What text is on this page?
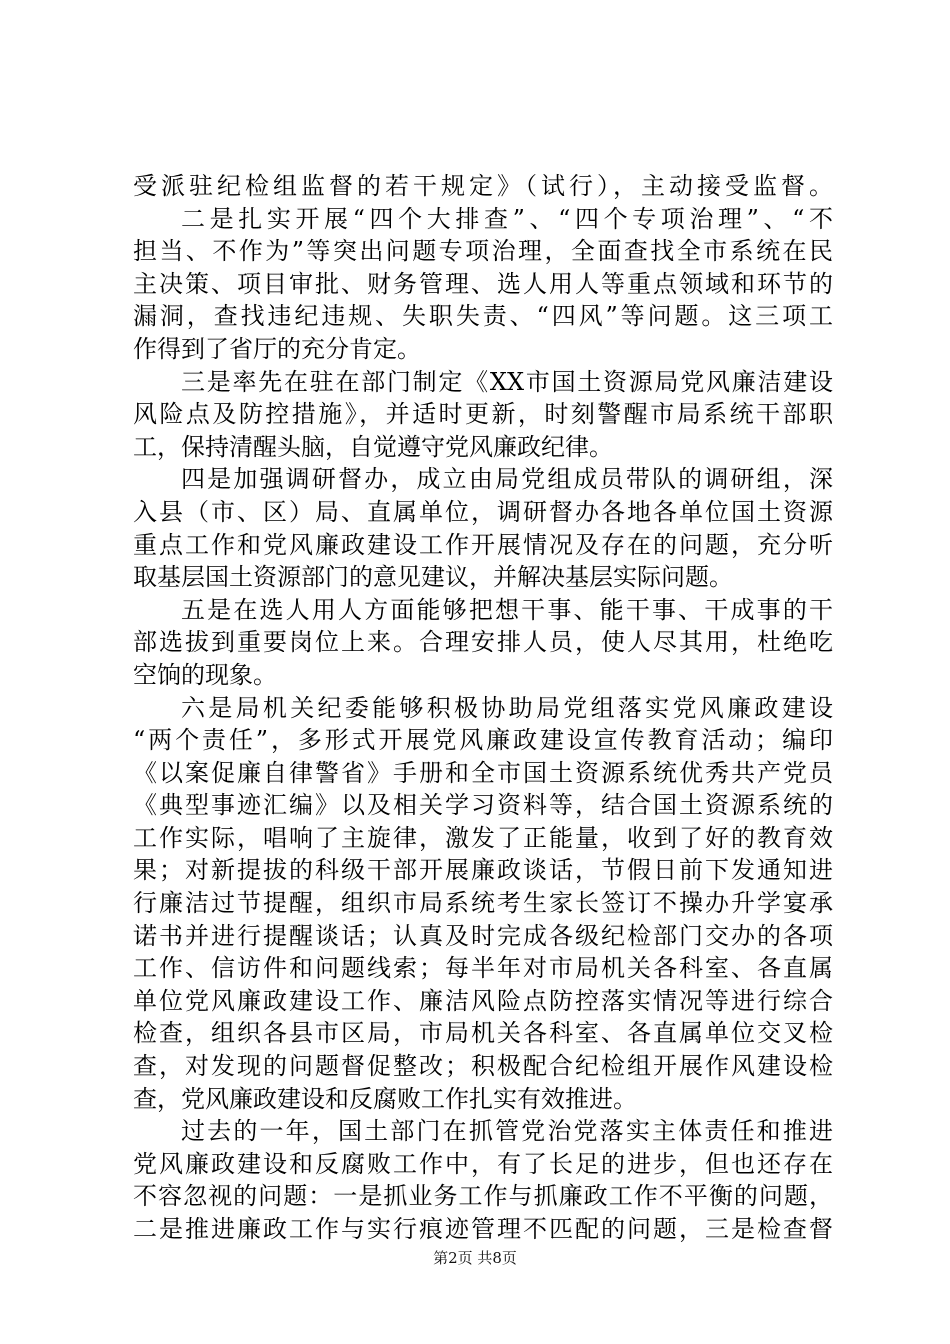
受派驻纪检组监督的若干规定》（试行），主动接受监督。
二是扎实开展“四个大排查”、“四个专项治理”、“不
担当、不作为”等突出问题专项治理，全面查找全市系统在民
主决策、项目审批、财务管理、选人用人等重点领域和环节的
漏洞，查找违纪违规、失职失责、“四风”等问题。这三项工
作得到了省厅的充分肯定。
三是率先在驻在部门制定《XX市国土资源局党风廉洁建设
风险点及防控措施》，并适时更新，时刻警醒市局系统干部职
工，保持清醒头脑，自觉遵守党风廉政纪律。
四是加强调研督办，成立由局党组成员带队的调研组，深
入县（市、区）局、直属单位，调研督办各地各单位国土资源
重点工作和党风廉政建设工作开展情况及存在的问题，充分听
取基层国土资源部门的意见建议，并解决基层实际问题。
五是在选人用人方面能够把想干事、能干事、干成事的干
部选拔到重要岗位上来。合理安排人员，使人尽其用，杜绝吃
空饷的现象。
六是局机关纪委能够积极协助局党组落实党风廉政建设
“两个责任”，多形式开展党风廉政建设宣传教育活动；编印
《以案促廉自律警省》手册和全市国土资源系统优秀共产党员
《典型事迹汇编》以及相关学习资料等，结合国土资源系统的
工作实际，唱响了主旋律，激发了正能量，收到了好的教育效
果；对新提拔的科级干部开展廉政谈话，节假日前下发通知进
行廉洁过节提醒，组织市局系统考生家长签订不操办升学宴承
诺书并进行提醒谈话；认真及时完成各级纪检部门交办的各项
工作、信访件和问题线索；每半年对市局机关各科室、各直属
单位党风廉政建设工作、廉洁风险点防控落实情况等进行综合
检查，组织各县市区局，市局机关各科室、各直属单位交叉检
查，对发现的问题督促整改；积极配合纪检组开展作风建设检
查，党风廉政建设和反腐败工作扎实有效推进。
过去的一年，国土部门在抓管党治党落实主体责任和推进
党风廉政建设和反腐败工作中，有了长足的进步，但也还存在
不容忽视的问题：一是抓业务工作与抓廉政工作不平衡的问题，
二是推进廉政工作与实行痕迹管理不匹配的问题，三是检查督
第2页 共8页
